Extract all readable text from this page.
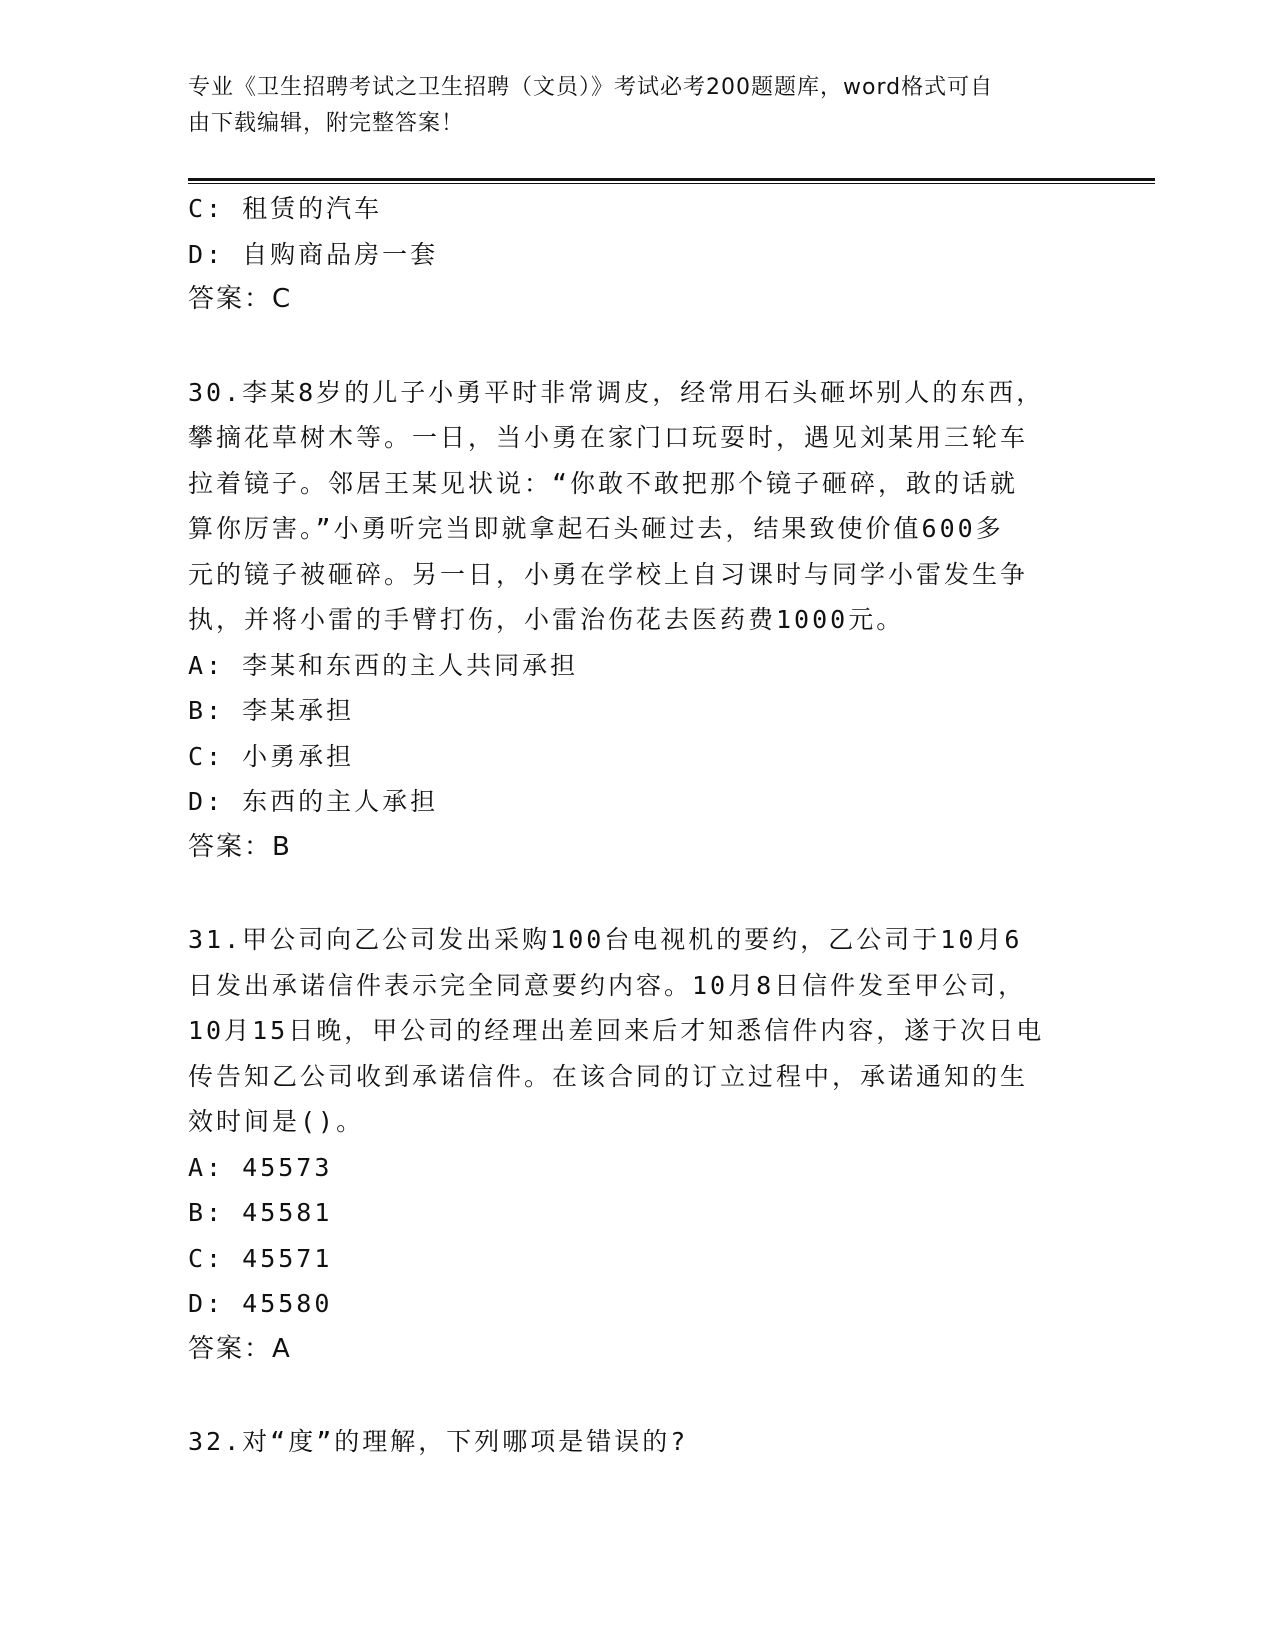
专业《卫生招聘考试之卫生招聘（文员）》考试必考200题题库，word格式可自
由下载编辑，附完整答案！
C: 租赁的汽车
D: 自购商品房一套
答案：C
30.李某8岁的儿子小勇平时非常调皮，经常用石头砸坏别人的东西，
攀摘花草树木等。一日，当小勇在家门口玩耍时，遇见刘某用三轮车
拉着镜子。邻居王某见状说：“你敢不敢把那个镜子砸碎，敢的话就
算你厉害。”小勇听完当即就拿起石头砸过去，结果致使价值600多
元的镜子被砸碎。另一日，小勇在学校上自习课时与同学小雷发生争
执，并将小雷的手臂打伤，小雷治伤花去医药费1000元。
A: 李某和东西的主人共同承担
B: 李某承担
C: 小勇承担
D: 东西的主人承担
答案：B
31.甲公司向乙公司发出采购100台电视机的要约，乙公司于10月6
日发出承诺信件表示完全同意要约内容。10月8日信件发至甲公司，
10月15日晚，甲公司的经理出差回来后才知悉信件内容，遂于次日电
传告知乙公司收到承诺信件。在该合同的订立过程中，承诺通知的生
效时间是()。
A: 45573
B: 45581
C: 45571
D: 45580
答案：A
32.对“度”的理解，下列哪项是错误的?
